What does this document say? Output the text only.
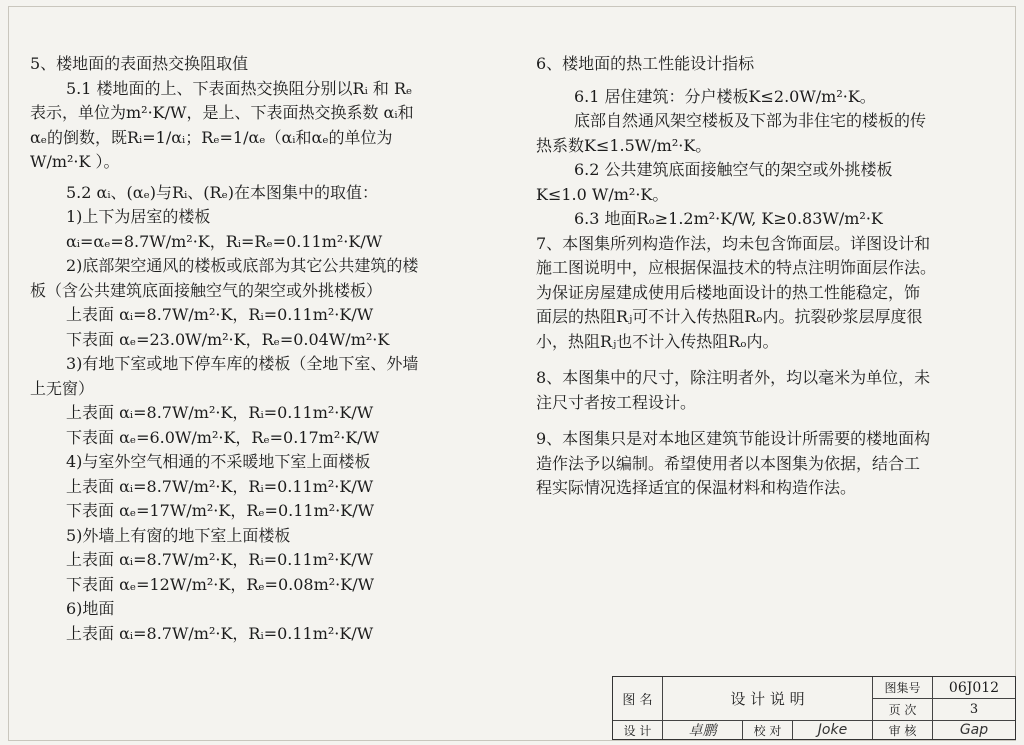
5、楼地面的表面热交换阻取值

5.1 楼地面的上、下表面热交换阻分别以Rᵢ 和 Rₑ

表示，单位为m²·K/W，是上、下表面热交换系数 αᵢ和

αₑ的倒数，既Rᵢ=1/αᵢ；Rₑ=1/αₑ（αᵢ和αₑ的单位为

W/m²·K ）。

5.2 αᵢ、(αₑ)与Rᵢ、(Rₑ)在本图集中的取值：

1)上下为居室的楼板

αᵢ=αₑ=8.7W/m²·K，Rᵢ=Rₑ=0.11m²·K/W

2)底部架空通风的楼板或底部为其它公共建筑的楼

板（含公共建筑底面接触空气的架空或外挑楼板）

上表面 αᵢ=8.7W/m²·K，Rᵢ=0.11m²·K/W

下表面 αₑ=23.0W/m²·K，Rₑ=0.04W/m²·K

3)有地下室或地下停车库的楼板（全地下室、外墙

上无窗）

上表面 αᵢ=8.7W/m²·K，Rᵢ=0.11m²·K/W

下表面 αₑ=6.0W/m²·K，Rₑ=0.17m²·K/W

4)与室外空气相通的不采暖地下室上面楼板

上表面 αᵢ=8.7W/m²·K，Rᵢ=0.11m²·K/W

下表面 αₑ=17W/m²·K，Rₑ=0.11m²·K/W

5)外墙上有窗的地下室上面楼板

上表面 αᵢ=8.7W/m²·K，Rᵢ=0.11m²·K/W

下表面 αₑ=12W/m²·K，Rₑ=0.08m²·K/W

6)地面

上表面 αᵢ=8.7W/m²·K，Rᵢ=0.11m²·K/W

6、楼地面的热工性能设计指标

6.1 居住建筑：分户楼板K≤2.0W/m²·K。

底部自然通风架空楼板及下部为非住宅的楼板的传

热系数K≤1.5W/m²·K。

6.2 公共建筑底面接触空气的架空或外挑楼板

K≤1.0 W/m²·K。

6.3 地面Rₒ≥1.2m²·K/W, K≥0.83W/m²·K

7、本图集所列构造作法，均未包含饰面层。详图设计和

施工图说明中，应根据保温技术的特点注明饰面层作法。

为保证房屋建成使用后楼地面设计的热工性能稳定，饰

面层的热阻Rⱼ可不计入传热阻Rₒ内。抗裂砂浆层厚度很

小，热阻Rⱼ也不计入传热阻Rₒ内。

8、本图集中的尺寸，除注明者外，均以毫米为单位，未

注尺寸者按工程设计。

9、本图集只是对本地区建筑节能设计所需要的楼地面构

造作法予以编制。希望使用者以本图集为依据，结合工

程实际情况选择适宜的保温材料和构造作法。

图 名	设 计 说 明
图集号 06J012
页 次	3
设 计	卓鹏	校 对	Joke	审 核	Gap
